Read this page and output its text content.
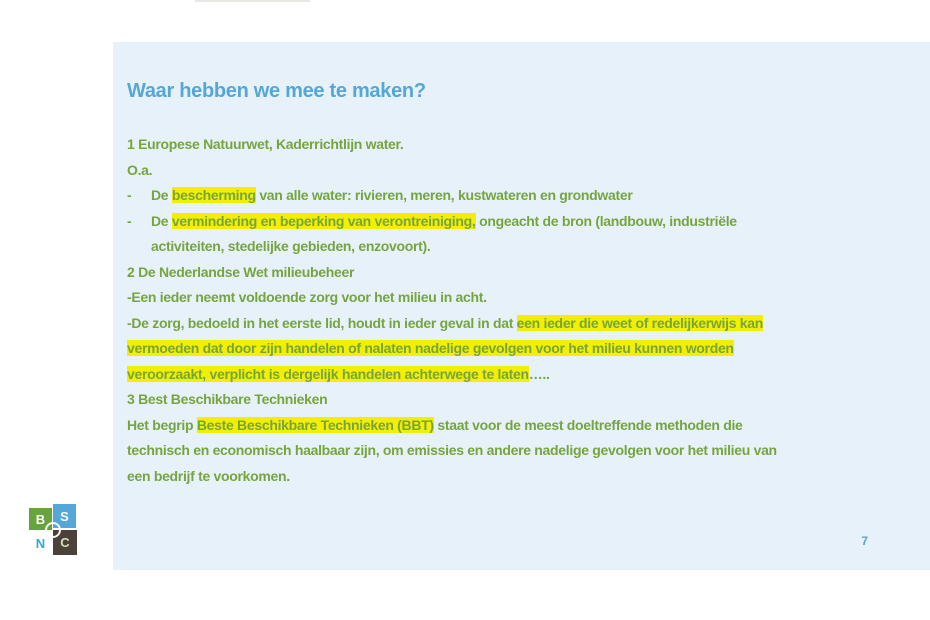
Waar hebben we mee te maken?
1 Europese Natuurwet, Kaderrichtlijn water.
O.a.
- De bescherming van alle water: rivieren, meren, kustwateren en grondwater
- De vermindering en beperking van verontreiniging, ongeacht de bron (landbouw, industriële
activiteiten, stedelijke gebieden, enzovoort).
2 De Nederlandse Wet milieubeheer
-Een ieder neemt voldoende zorg voor het milieu in acht.
-De zorg, bedoeld in het eerste lid, houdt in ieder geval in dat een ieder die weet of redelijkerwijs kan
vermoeden dat door zijn handelen of nalaten nadelige gevolgen voor het milieu kunnen worden
veroorzaakt, verplicht is dergelijk handelen achterwege te laten…..
3 Best Beschikbare Technieken
Het begrip Beste Beschikbare Technieken (BBT) staat voor de meest doeltreffende methoden die
technisch en economisch haalbaar zijn, om emissies en andere nadelige gevolgen voor het milieu van
een bedrijf te voorkomen.
7
B	S
N	C
